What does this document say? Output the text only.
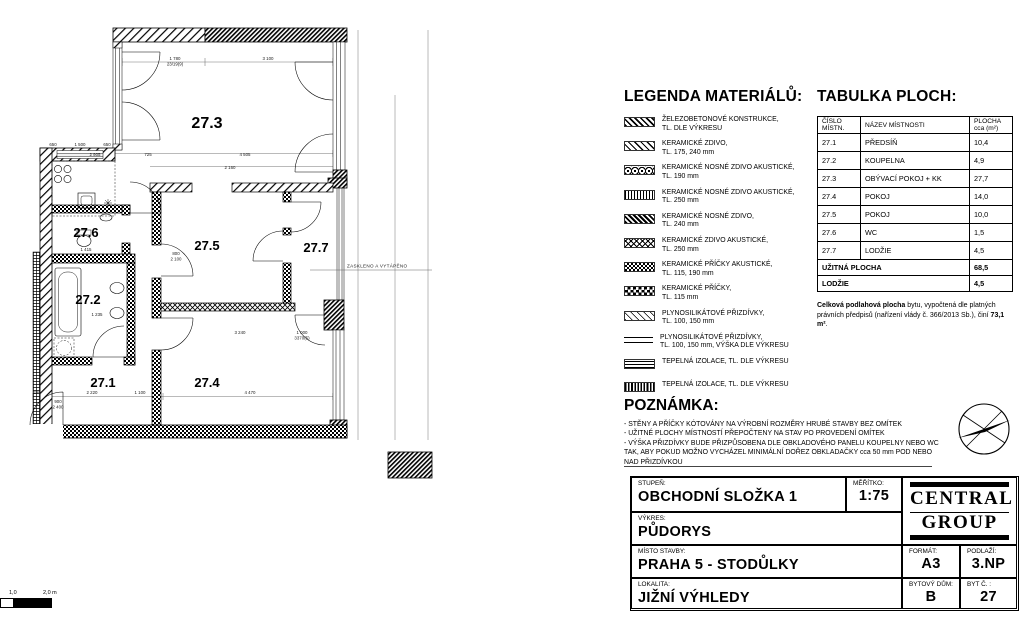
ZASKLENO A VYTÁPĚNO
27.3
27.6
27.5	27.7
27.2
27.1	27.4
1 780
23/19(9)
3 100
650	1 500	650
2 905	725	4 505
2 160
800
2 100
1 415
1 235
3 240	1 000
3370(5)
290	2 220	1 100	4 470
900
2 400
1,0	2,0 m
LEGENDA MATERIÁLŮ:
ŽELEZOBETONOVÉ KONSTRUKCE,
TL. DLE VÝKRESU
KERAMICKÉ ZDIVO,
TL. 175, 240 mm
KERAMICKÉ NOSNÉ ZDIVO AKUSTICKÉ,
TL. 190 mm
KERAMICKÉ NOSNÉ ZDIVO AKUSTICKÉ,
TL. 250 mm
KERAMICKÉ NOSNÉ ZDIVO,
TL. 240 mm
KERAMICKÉ ZDIVO AKUSTICKÉ,
TL. 250 mm
KERAMICKÉ PŘÍČKY AKUSTICKÉ,
TL. 115, 190 mm
KERAMICKÉ PŘÍČKY,
TL. 115 mm
PLYNOSILIKÁTOVÉ PŘIZDÍVKY,
TL. 100, 150 mm
PLYNOSILIKÁTOVÉ PŘIZDÍVKY,
TL. 100, 150 mm, VÝŠKA DLE VÝKRESU
TEPELNÁ IZOLACE, TL. DLE VÝKRESU
TEPELNÁ IZOLACE, TL. DLE VÝKRESU
TABULKA PLOCH:
ČÍSLO
MÍSTN.	NÁZEV MÍSTNOSTI	PLOCHA
cca (m²)
27.1	PŘEDSÍŇ	10,4
27.2	KOUPELNA	4,9
27.3	OBÝVACÍ POKOJ + KK	27,7
27.4	POKOJ	14,0
27.5	POKOJ	10,0
27.6	WC	1,5
27.7	LODŽIE	4,5
UŽITNÁ PLOCHA		68,5
LODŽIE		4,5

Celková podlahová plocha bytu, vypočtená dle platných právních předpisů (nařízení vlády č. 366/2013 Sb.), činí 73,1 m².

POZNÁMKA:
- STĚNY A PŘÍČKY KÓTOVÁNY NA VÝROBNÍ ROZMĚRY HRUBÉ STAVBY BEZ OMÍTEK
- UŽITNÉ PLOCHY MÍSTNOSTÍ PŘEPOČTENY NA STAV PO PROVEDENÍ OMÍTEK
- VÝŠKA PŘIZDÍVKY BUDE PŘIZPŮSOBENA DLE OBKLADOVÉHO PANELU KOUPELNY NEBO WC TAK, ABY POKUD MOŽNO VYCHÁZEL MINIMÁLNÍ DOŘEZ OBKLADAČKY cca 50 mm POD NEBO NAD PŘIZDÍVKOU
STUPEŇ:
OBCHODNÍ SLOŽKA 1
MĚŘÍTKO:
1:75	CENTRAL
GROUP
VÝKRES:
PŮDORYS
MÍSTO STAVBY:
PRAHA 5 - STODŮLKY
FORMÁT:
A3
PODLAŽÍ:
3.NP
LOKALITA:
JIŽNÍ VÝHLEDY
BYTOVÝ DŮM:
B
BYT Č. :
27
